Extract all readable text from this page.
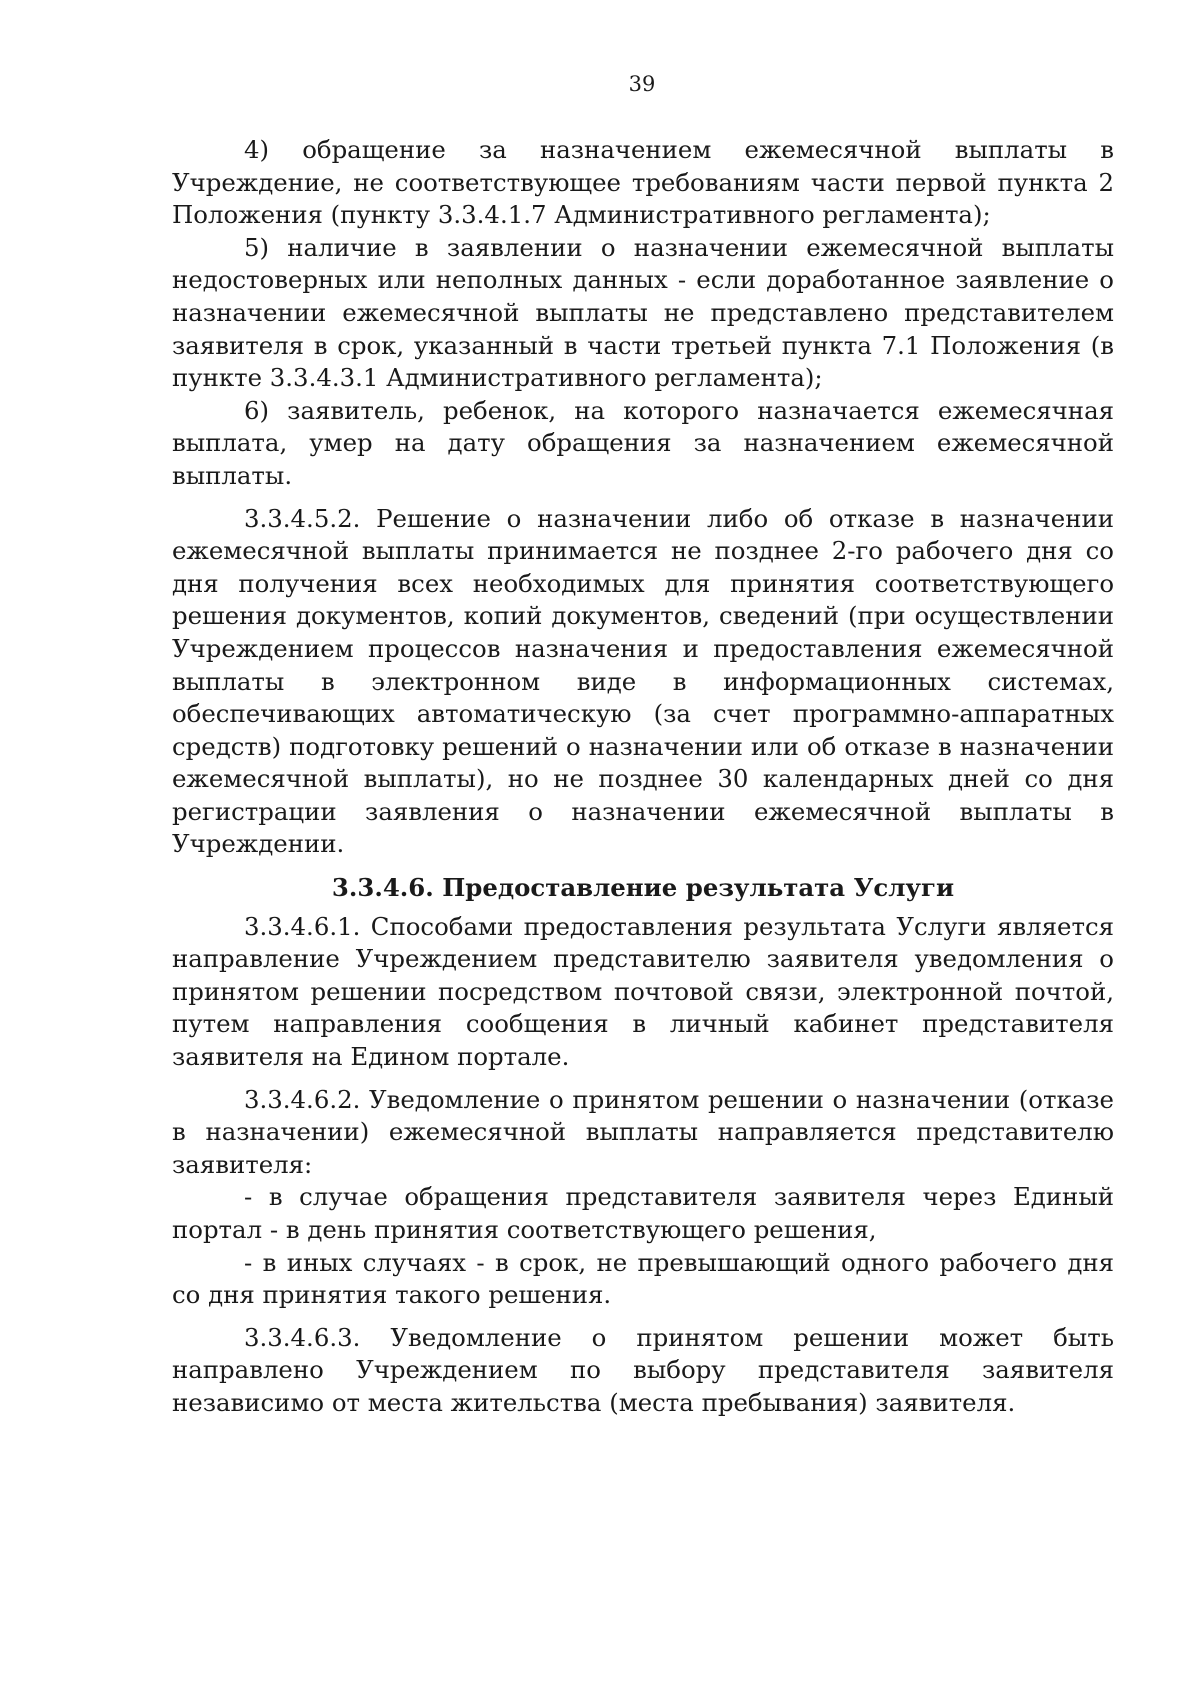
39

4) обращение за назначением ежемесячной выплаты в Учреждение, не соответствующее требованиям части первой пункта 2 Положения (пункту 3.3.4.1.7 Административного регламента);

5) наличие в заявлении о назначении ежемесячной выплаты недостоверных или неполных данных - если доработанное заявление о назначении ежемесячной выплаты не представлено представителем заявителя в срок, указанный в части третьей пункта 7.1 Положения (в пункте 3.3.4.3.1 Административного регламента);

6) заявитель, ребенок, на которого назначается ежемесячная выплата, умер на дату обращения за назначением ежемесячной выплаты.

3.3.4.5.2. Решение о назначении либо об отказе в назначении ежемесячной выплаты принимается не позднее 2-го рабочего дня со дня получения всех необходимых для принятия соответствующего решения документов, копий документов, сведений (при осуществлении Учреждением процессов назначения и предоставления ежемесячной выплаты в электронном виде в информационных системах, обеспечивающих автоматическую (за счет программно-аппаратных средств) подготовку решений о назначении или об отказе в назначении ежемесячной выплаты), но не позднее 30 календарных дней со дня регистрации заявления о назначении ежемесячной выплаты в Учреждении.

3.3.4.6. Предоставление результата Услуги

3.3.4.6.1. Способами предоставления результата Услуги является направление Учреждением представителю заявителя уведомления о принятом решении посредством почтовой связи, электронной почтой, путем направления сообщения в личный кабинет представителя заявителя на Едином портале.

3.3.4.6.2. Уведомление о принятом решении о назначении (отказе в назначении) ежемесячной выплаты направляется представителю заявителя:

- в случае обращения представителя заявителя через Единый портал - в день принятия соответствующего решения,

- в иных случаях - в срок, не превышающий одного рабочего дня со дня принятия такого решения.

3.3.4.6.3. Уведомление о принятом решении может быть направлено Учреждением по выбору представителя заявителя независимо от места жительства (места пребывания) заявителя.
